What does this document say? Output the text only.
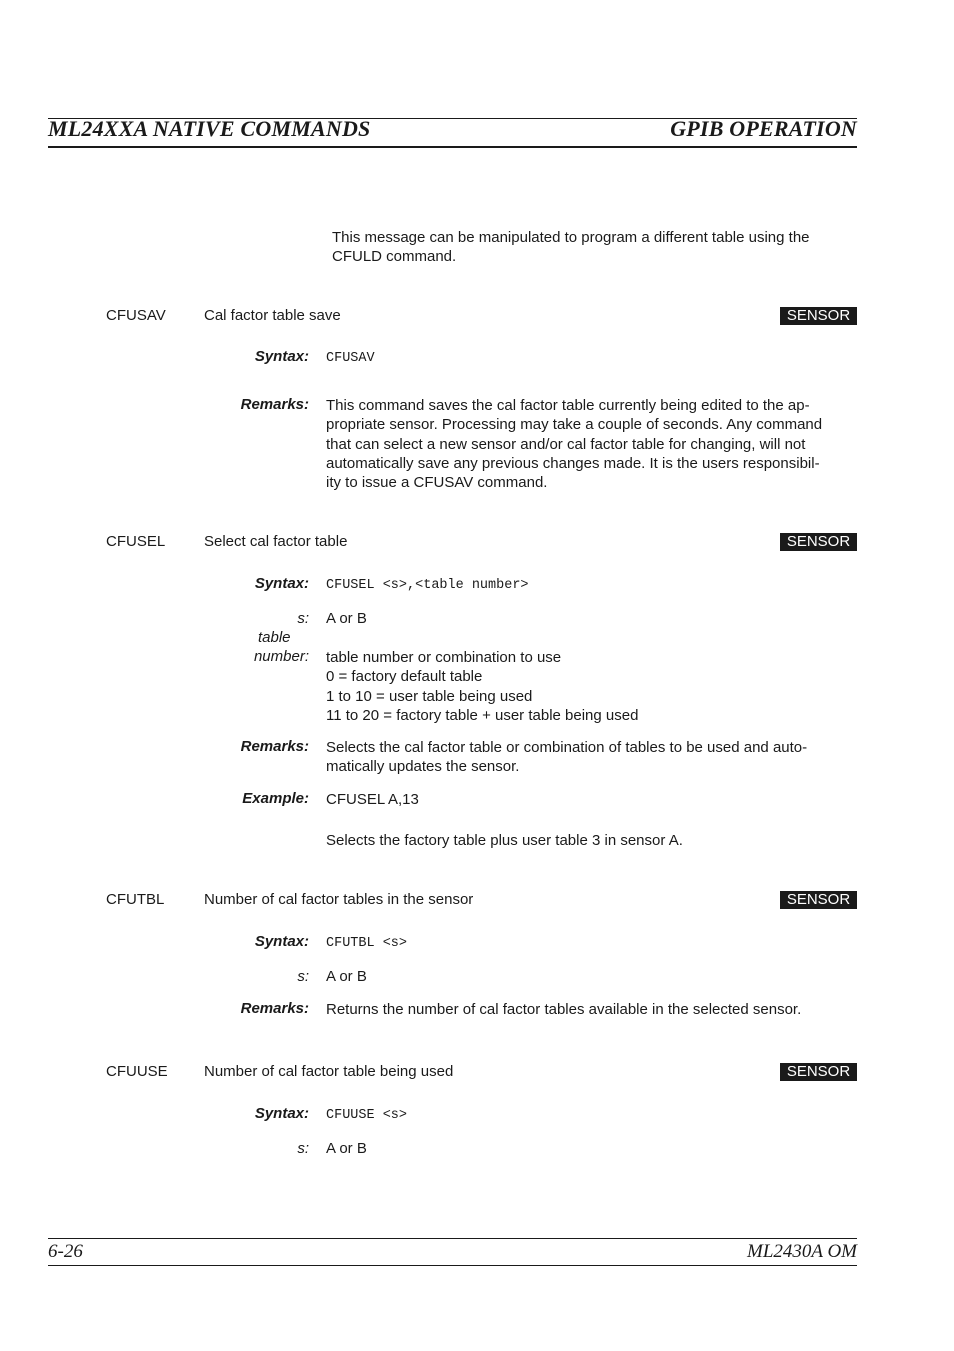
ML24XXA NATIVE COMMANDS	GPIB OPERATION
This message can be manipulated to program a different table using the
CFULD command.
CFUSAV	Cal factor table save	SENSOR
Syntax: CFUSAV
Remarks: This command saves the cal factor table currently being edited to the ap-
propriate sensor. Processing may take a couple of seconds. Any command
that can select a new sensor and/or cal factor table for changing, will not
automatically save any previous changes made. It is the users responsibil-
ity to issue a CFUSAV command.
CFUSEL	Select cal factor table	SENSOR
Syntax: CFUSEL <s>,<table number>
s: A or B
table
number: table number or combination to use
0 = factory default table
1 to 10 = user table being used
11 to 20 = factory table + user table being used
Remarks: Selects the cal factor table or combination of tables to be used and auto-
matically updates the sensor.
Example: CFUSEL A,13
Selects the factory table plus user table 3 in sensor A.
CFUTBL	Number of cal factor tables in the sensor	SENSOR
Syntax: CFUTBL <s>
s: A or B
Remarks: Returns the number of cal factor tables available in the selected sensor.
CFUUSE Number of cal factor table being used	SENSOR
Syntax: CFUUSE <s>
s: A or B
6-26	ML2430A OM
